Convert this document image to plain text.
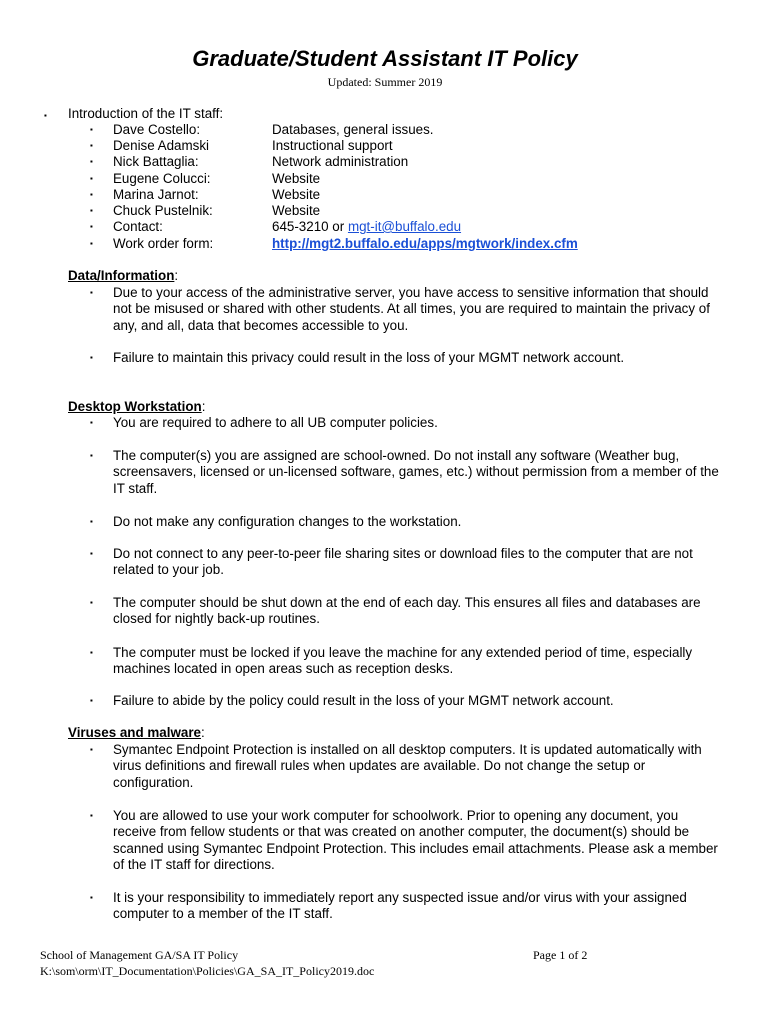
Graduate/Student Assistant IT Policy
Updated: Summer 2019
▪	Introduction of the IT staff:
▪ Dave Costello:	Databases, general issues.
▪ Denise Adamski	Instructional support
▪ Nick Battaglia:	Network administration
▪ Eugene Colucci:	Website
▪ Marina Jarnot:	Website
▪ Chuck Pustelnik:	Website
▪ Contact:	645-3210 or mgt-it@buffalo.edu
▪ Work order form:	http://mgt2.buffalo.edu/apps/mgtwork/index.cfm
Data/Information:
▪ Due to your access of the administrative server, you have access to sensitive information that should not be misused or shared with other students. At all times, you are required to maintain the privacy of any, and all, data that becomes accessible to you.
▪ Failure to maintain this privacy could result in the loss of your MGMT network account.
Desktop Workstation:
▪ You are required to adhere to all UB computer policies.
▪ The computer(s) you are assigned are school-owned. Do not install any software (Weather bug, screensavers, licensed or un-licensed software, games, etc.) without permission from a member of the IT staff.
▪ Do not make any configuration changes to the workstation.
▪ Do not connect to any peer-to-peer file sharing sites or download files to the computer that are not related to your job.
▪ The computer should be shut down at the end of each day. This ensures all files and databases are closed for nightly back-up routines.
▪ The computer must be locked if you leave the machine for any extended period of time, especially machines located in open areas such as reception desks.
▪ Failure to abide by the policy could result in the loss of your MGMT network account.
Viruses and malware:
▪ Symantec Endpoint Protection is installed on all desktop computers. It is updated automatically with virus definitions and firewall rules when updates are available. Do not change the setup or configuration.
▪ You are allowed to use your work computer for schoolwork. Prior to opening any document, you receive from fellow students or that was created on another computer, the document(s) should be scanned using Symantec Endpoint Protection. This includes email attachments. Please ask a member of the IT staff for directions.
▪ It is your responsibility to immediately report any suspected issue and/or virus with your assigned computer to a member of the IT staff.
School of Management GA/SA IT Policy
K:\som\orm\IT_Documentation\Policies\GA_SA_IT_Policy2019.doc
Page 1 of 2
